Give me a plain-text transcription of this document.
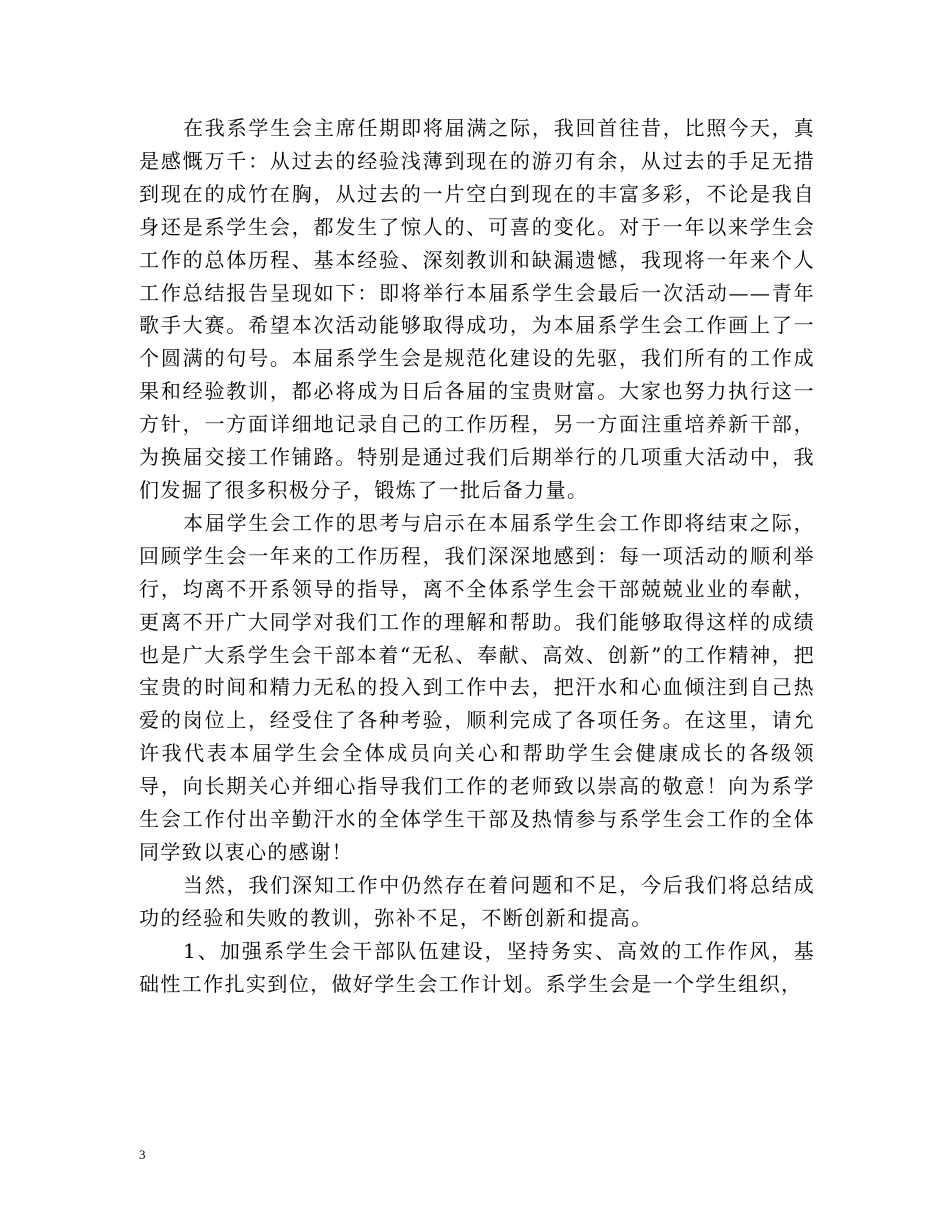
在我系学生会主席任期即将届满之际，我回首往昔，比照今天，真是感慨万千：从过去的经验浅薄到现在的游刃有余，从过去的手足无措到现在的成竹在胸，从过去的一片空白到现在的丰富多彩，不论是我自身还是系学生会，都发生了惊人的、可喜的变化。对于一年以来学生会工作的总体历程、基本经验、深刻教训和缺漏遗憾，我现将一年来个人工作总结报告呈现如下：即将举行本届系学生会最后一次活动——青年歌手大赛。希望本次活动能够取得成功，为本届系学生会工作画上了一个圆满的句号。本届系学生会是规范化建设的先驱，我们所有的工作成果和经验教训，都必将成为日后各届的宝贵财富。大家也努力执行这一方针，一方面详细地记录自己的工作历程，另一方面注重培养新干部，为换届交接工作铺路。特别是通过我们后期举行的几项重大活动中，我们发掘了很多积极分子，锻炼了一批后备力量。

本届学生会工作的思考与启示在本届系学生会工作即将结束之际，回顾学生会一年来的工作历程，我们深深地感到：每一项活动的顺利举行，均离不开系领导的指导，离不全体系学生会干部兢兢业业的奉献，更离不开广大同学对我们工作的理解和帮助。我们能够取得这样的成绩也是广大系学生会干部本着“无私、奉献、高效、创新”的工作精神，把宝贵的时间和精力无私的投入到工作中去，把汗水和心血倾注到自己热爱的岗位上，经受住了各种考验，顺利完成了各项任务。在这里，请允许我代表本届学生会全体成员向关心和帮助学生会健康成长的各级领导，向长期关心并细心指导我们工作的老师致以崇高的敬意！向为系学生会工作付出辛勤汗水的全体学生干部及热情参与系学生会工作的全体同学致以衷心的感谢！

当然，我们深知工作中仍然存在着问题和不足，今后我们将总结成功的经验和失败的教训，弥补不足，不断创新和提高。

1、加强系学生会干部队伍建设，坚持务实、高效的工作作风，基础性工作扎实到位，做好学生会工作计划。系学生会是一个学生组织，

3
